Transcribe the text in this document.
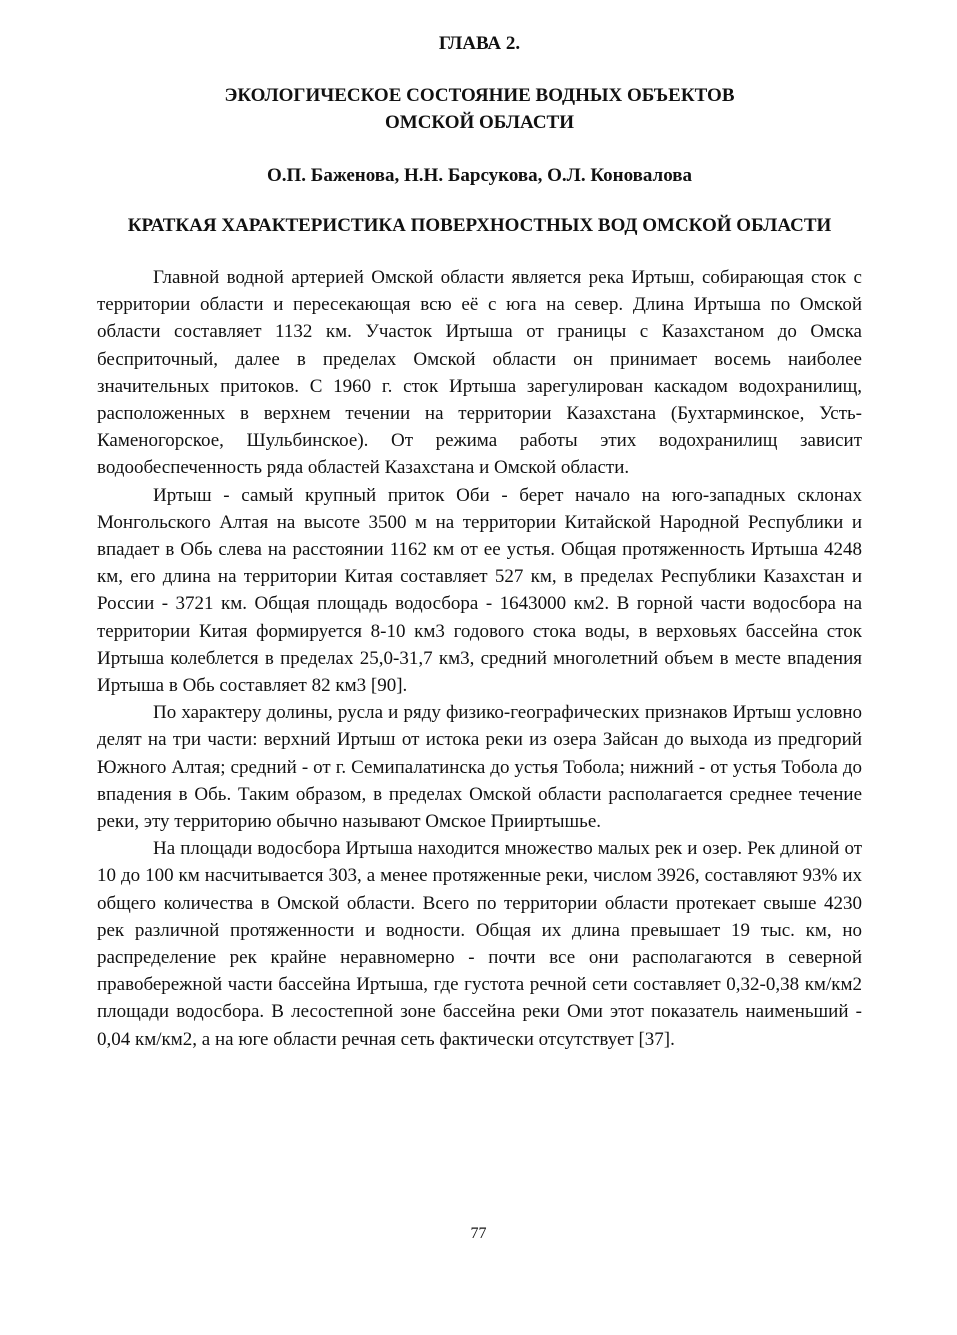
ГЛАВА 2.
ЭКОЛОГИЧЕСКОЕ СОСТОЯНИЕ ВОДНЫХ ОБЪЕКТОВ
ОМСКОЙ ОБЛАСТИ
О.П. Баженова, Н.Н. Барсукова, О.Л. Коновалова
КРАТКАЯ ХАРАКТЕРИСТИКА ПОВЕРХНОСТНЫХ ВОД ОМСКОЙ ОБЛАСТИ

Главной водной артерией Омской области является река Иртыш, собирающая сток с территории области и пересекающая всю её с юга на север. Длина Иртыша по Омской области составляет 1132 км. Участок Иртыша от границы с Казахстаном до Омска бесприточный, далее в пределах Омской области он принимает восемь наиболее значительных притоков. С 1960 г. сток Иртыша зарегулирован каскадом водохранилищ, расположенных в верхнем течении на территории Казахстана (Бухтарминское, Усть-Каменогорское, Шульбинское). От режима работы этих водохранилищ зависит водообеспеченность ряда областей Казахстана и Омской области.

Иртыш - самый крупный приток Оби - берет начало на юго-западных склонах Монгольского Алтая на высоте 3500 м на территории Китайской Народной Республики и впадает в Обь слева на расстоянии 1162 км от ее устья. Общая протяженность Иртыша 4248 км, его длина на территории Китая составляет 527 км, в пределах Республики Казахстан и России - 3721 км. Общая площадь водосбора - 1643000 км2. В горной части водосбора на территории Китая формируется 8-10 км3 годового стока воды, в верховьях бассейна сток Иртыша колеблется в пределах 25,0-31,7 км3, средний многолетний объем в месте впадения Иртыша в Обь составляет 82 км3 [90].

По характеру долины, русла и ряду физико-географических признаков Иртыш условно делят на три части: верхний Иртыш от истока реки из озера Зайсан до выхода из предгорий Южного Алтая; средний - от г. Семипалатинска до устья Тобола; нижний - от устья Тобола до впадения в Обь. Таким образом, в пределах Омской области располагается среднее течение реки, эту территорию обычно называют Омское Прииртышье.

На площади водосбора Иртыша находится множество малых рек и озер. Рек длиной от 10 до 100 км насчитывается 303, а менее протяженные реки, числом 3926, составляют 93% их общего количества в Омской области. Всего по территории области протекает свыше 4230 рек различной протяженности и водности. Общая их длина превышает 19 тыс. км, но распределение рек крайне неравномерно - почти все они располагаются в северной правобережной части бассейна Иртыша, где густота речной сети составляет 0,32-0,38 км/км2 площади водосбора. В лесостепной зоне бассейна реки Оми этот показатель наименьший - 0,04 км/км2, а на юге области речная сеть фактически отсутствует [37].

77
